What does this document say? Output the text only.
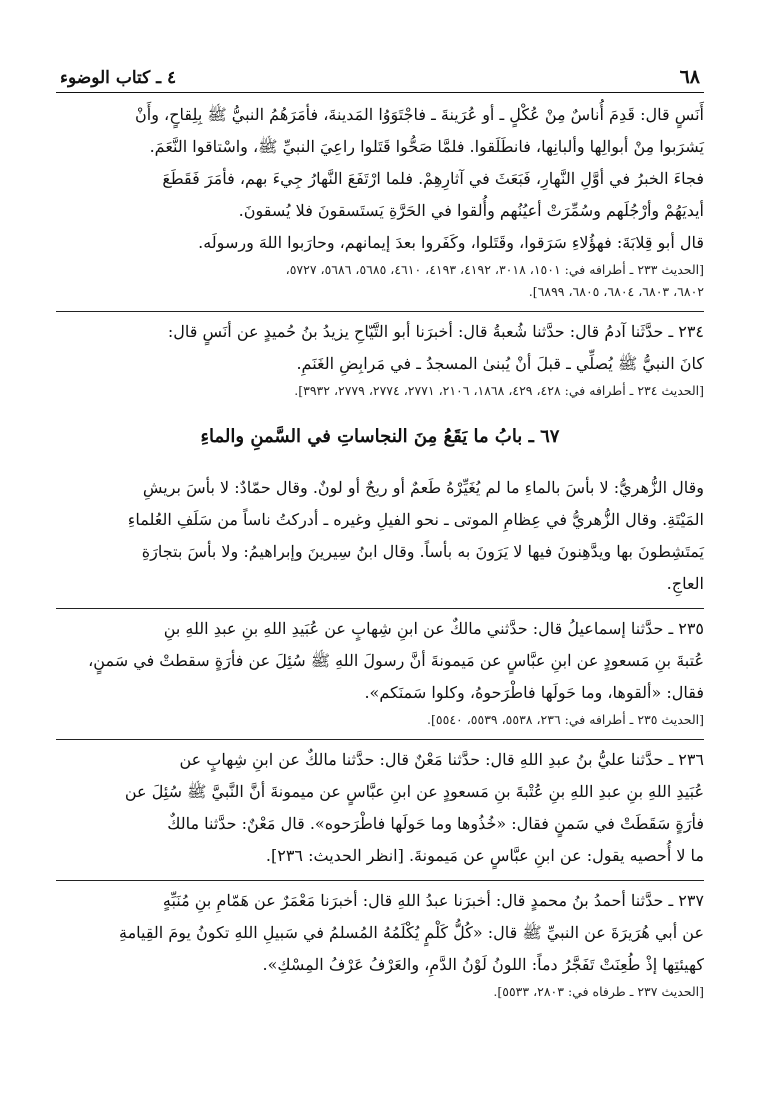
٦٨
٤ ـ كتاب الوضوء

أَنَسٍ قال: قَدِمَ أُناسٌ مِنْ عُكْلٍ ـ أو عُرَينةَ ـ فاجْتَوَوُا المَدينةَ، فأمَرَهُمُ النبيُّ ﷺ بِلِقاحٍ، وأَنْ

يَشرَبوا مِنْ أبوالِها وألبانِها، فانطَلَقوا. فلمَّا صَحُّوا قَتَلوا راعِيَ النبيِّ ﷺ، واسْتاقوا النَّعَمَ.

فجاءَ الخبرُ في أوَّلِ النَّهارِ، فَبَعَثَ في آثارِهِمْ. فلما ارْتَفَعَ النَّهارُ جِيءَ بهم، فأمَرَ فَقَطَعَ

أيديَهُمْ وأرْجُلَهم وسُمِّرَتْ أعيُنُهم وأُلقوا في الحَرَّةِ يَستَسقونَ فلا يُسقونَ.

قال أبو قِلابَةَ: فهؤُلاءِ سَرَقوا، وقَتَلوا، وكَفَروا بعدَ إيمانهم، وحارَبوا اللهَ ورسولَه.

[الحديث ٢٣٣ ـ أطرافه في: ١٥٠١، ٣٠١٨، ٤١٩٢، ٤١٩٣، ٤٦١٠، ٥٦٨٥، ٥٦٨٦، ٥٧٢٧،

٦٨٠٢، ٦٨٠٣، ٦٨٠٤، ٦٨٠٥، ٦٨٩٩].

٢٣٤ ـ حدَّثَنا آدمُ قال: حدَّثنا شُعبةُ قال: أخبرَنا أبو التَّيّاحِ يزيدُ بنُ حُميدٍ عن أنَسٍ قال:

كانَ النبيُّ ﷺ يُصلِّي ـ قبلَ أنْ يُبنىٰ المسجدُ ـ في مَرابِضِ الغَنَمِ.

[الحديث ٢٣٤ ـ أطرافه في: ٤٢٨، ٤٢٩، ١٨٦٨، ٢١٠٦، ٢٧٧١، ٢٧٧٤، ٢٧٧٩، ٣٩٣٢].

٦٧ ـ بابُ ما يَقَعُ مِنَ النجاساتِ في السَّمنِ والماءِ

وقال الزُّهريُّ: لا بأسَ بالماءِ ما لم يُغَيِّرْهُ طَعمٌ أو ريحٌ أو لونٌ. وقال حمّادٌ: لا بأسَ بريشِ

المَيْتَةِ. وقال الزُّهريُّ في عِظامِ الموتى ـ نحو الفيلِ وغيره ـ أدركتُ ناساً من سَلَفِ العُلماءِ

يَمتَشِطونَ بها ويدَّهِنونَ فيها لا يَرَونَ به بأساً. وقال ابنُ سِيرينَ وإبراهيمُ: ولا بأسَ بتجارَةِ

العاجِ.

٢٣٥ ـ حدَّثنا إسماعيلُ قال: حدَّثني مالكٌ عن ابنِ شِهابٍ عن عُبَيدِ اللهِ بنِ عبدِ اللهِ بنِ

عُتبةَ بنِ مَسعودٍ عن ابنِ عبَّاسٍ عن مَيمونةَ أنَّ رسولَ اللهِ ﷺ سُئِلَ عن فأرَةٍ سقطتْ في سَمنٍ،

فقال: «ألقوها، وما حَولَها فاطْرَحوهُ، وكلوا سَمنَكم».

[الحديث ٢٣٥ ـ أطرافه في: ٢٣٦، ٥٥٣٨، ٥٥٣٩، ٥٥٤٠].

٢٣٦ ـ حدَّثنا عليُّ بنُ عبدِ اللهِ قال: حدَّثنا مَعْنٌ قال: حدَّثنا مالكٌ عن ابنِ شِهابٍ عن

عُبَيدِ اللهِ بنِ عبدِ اللهِ بنِ عُتْبةَ بنِ مَسعودٍ عن ابنِ عبَّاسٍ عن ميمونةَ أنَّ النَّبيَّ ﷺ سُئِلَ عن

فأرَةٍ سَقَطَتْ في سَمنٍ فقال: «خُذُوها وما حَولَها فاطْرَحوه». قال مَعْنٌ: حدَّثنا مالكٌ

ما لا أُحصيه يقول: عن ابنِ عبَّاسٍ عن مَيمونةَ. [انظر الحديث: ٢٣٦].

٢٣٧ ـ حدَّثنا أحمدُ بنُ محمدٍ قال: أخبرَنا عبدُ اللهِ قال: أخبرَنا مَعْمَرٌ عن هَمّامِ بنِ مُنَبِّهٍ

عن أبي هُرَيرَةَ عن النبيِّ ﷺ قال: «كُلُّ كَلْمٍ يُكْلَمُهُ المُسلمُ في سَبيلِ اللهِ تكونُ يومَ القِيامةِ

كهيئتِها إذْ طُعِنَتْ تَفَجَّرُ دماً: اللونُ لَوْنُ الدَّمِ، والعَرْفُ عَرْفُ المِسْكِ».

[الحديث ٢٣٧ ـ طرفاه في: ٢٨٠٣، ٥٥٣٣].
